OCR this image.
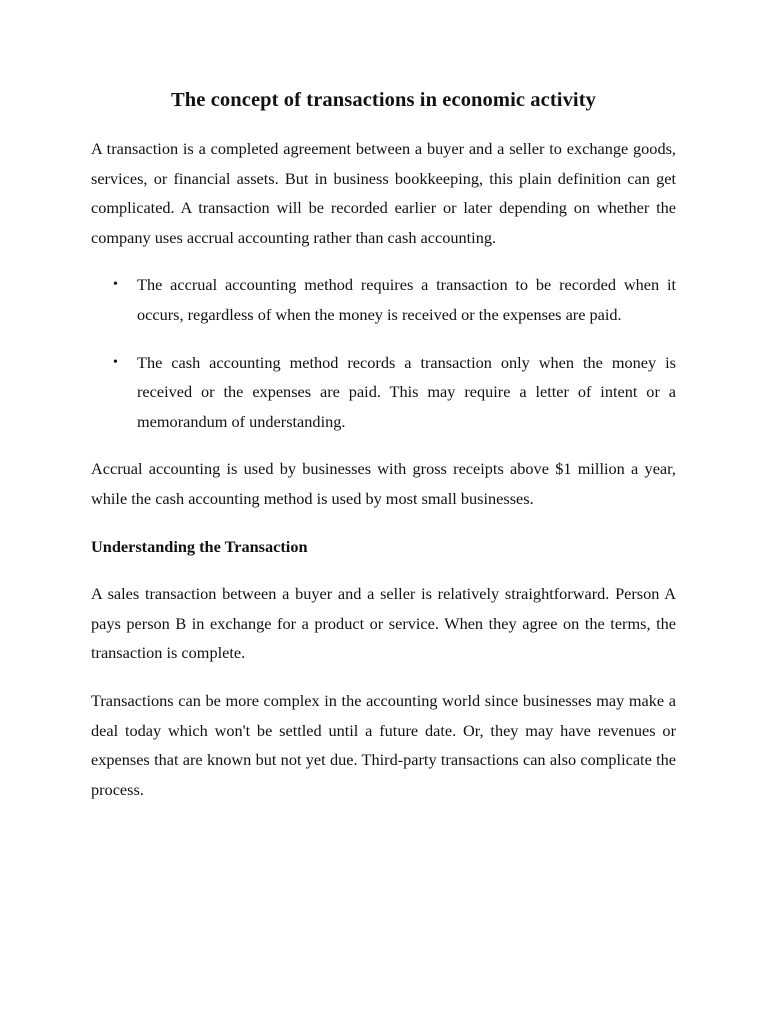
The concept of transactions in economic activity

A transaction is a completed agreement between a buyer and a seller to exchange goods, services, or financial assets. But in business bookkeeping, this plain definition can get complicated. A transaction will be recorded earlier or later depending on whether the company uses accrual accounting rather than cash accounting.

• The accrual accounting method requires a transaction to be recorded when it occurs, regardless of when the money is received or the expenses are paid.
• The cash accounting method records a transaction only when the money is received or the expenses are paid. This may require a letter of intent or a memorandum of understanding.

Accrual accounting is used by businesses with gross receipts above $1 million a year, while the cash accounting method is used by most small businesses.

Understanding the Transaction

A sales transaction between a buyer and a seller is relatively straightforward. Person A pays person B in exchange for a product or service. When they agree on the terms, the transaction is complete.

Transactions can be more complex in the accounting world since businesses may make a deal today which won't be settled until a future date. Or, they may have revenues or expenses that are known but not yet due. Third-party transactions can also complicate the process.
